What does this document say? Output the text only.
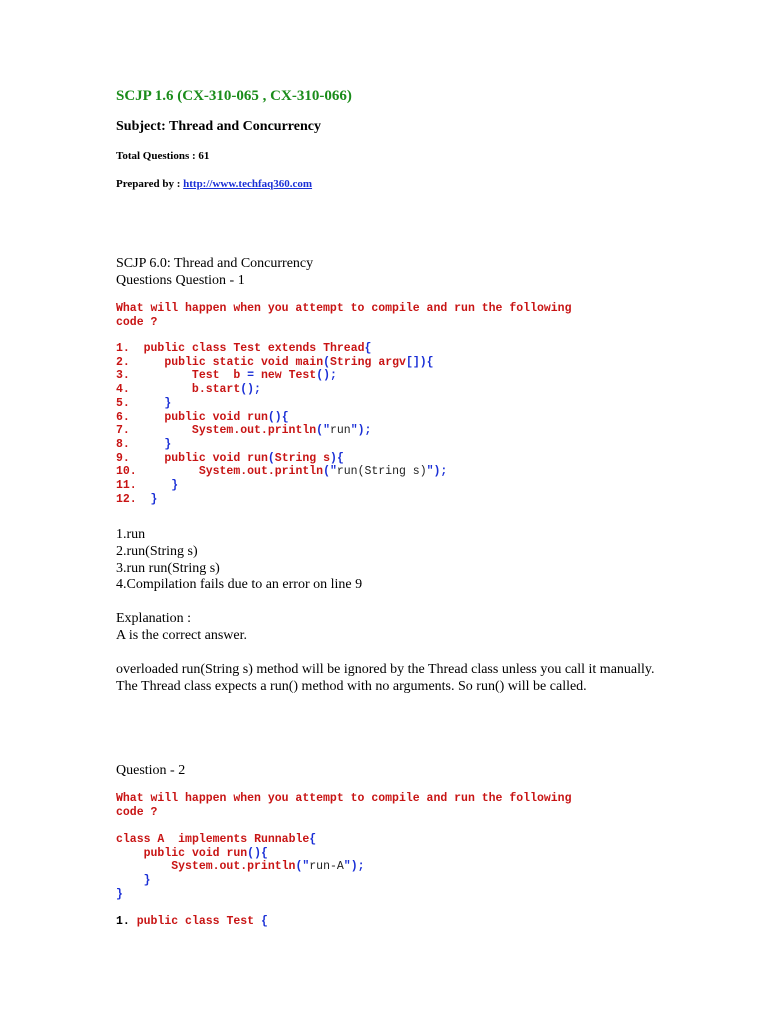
SCJP 1.6 (CX-310-065 , CX-310-066)
Subject: Thread and Concurrency
Total Questions : 61
Prepared by : http://www.techfaq360.com
SCJP 6.0: Thread and Concurrency
Questions Question - 1
What will happen when you attempt to compile and run the following
code ?
1.  public class Test extends Thread{
2.     public static void main(String argv[]){
3.	Test b = new Test();
4.	b.start();
5.     }
6.     public void run(){
7.	System.out.println("run");
8.     }
9.     public void run(String s){
10.	System.out.println("run(String s)");
11.     }
12.  }
1.run
2.run(String s)
3.run run(String s)
4.Compilation fails due to an error on line 9
Explanation :
A is the correct answer.
overloaded run(String s) method will be ignored by the Thread class unless you call it manually. The Thread class expects a run() method with no arguments. So run() will be called.
Question - 2
What will happen when you attempt to compile and run the following
code ?
class A implements Runnable{
public void run(){
System.out.println("run-A");
}
}

1. public class Test {
